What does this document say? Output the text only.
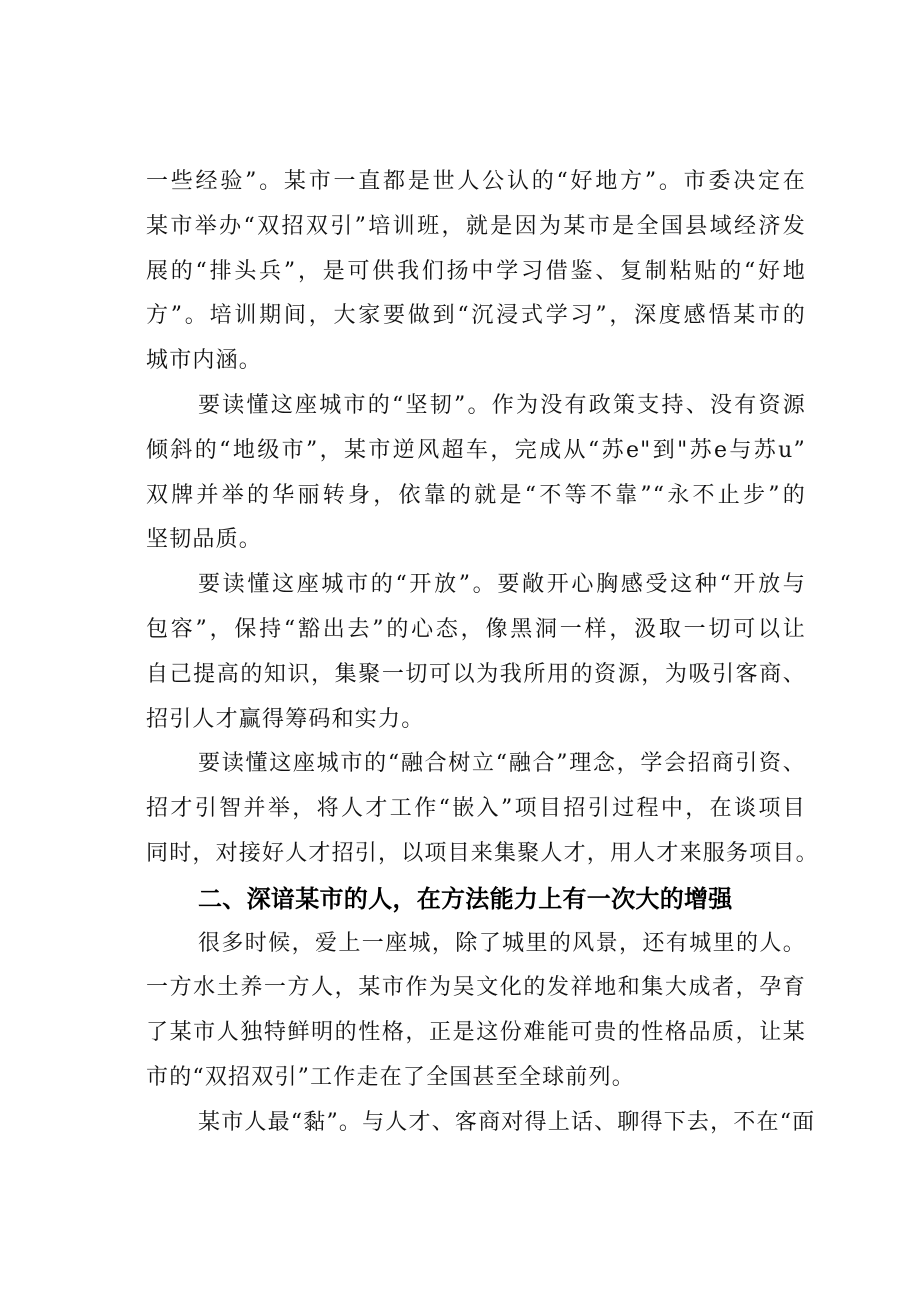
一些经验”。某市一直都是世人公认的“好地方”。市委决定在
某市举办“双招双引”培训班，就是因为某市是全国县域经济发
展的“排头兵”，是可供我们扬中学习借鉴、复制粘贴的“好地
方”。培训期间，大家要做到“沉浸式学习”，深度感悟某市的
城市内涵。
要读懂这座城市的“坚韧”。作为没有政策支持、没有资源
倾斜的“地级市”，某市逆风超车，完成从“苏e"到"苏e与苏u”
双牌并举的华丽转身，依靠的就是“不等不靠”“永不止步”的
坚韧品质。
要读懂这座城市的“开放”。要敞开心胸感受这种“开放与
包容”，保持“豁出去”的心态，像黑洞一样，汲取一切可以让
自己提高的知识，集聚一切可以为我所用的资源，为吸引客商、
招引人才赢得筹码和实力。
要读懂这座城市的“融合树立“融合”理念，学会招商引资、
招才引智并举，将人才工作“嵌入”项目招引过程中，在谈项目
同时，对接好人才招引，以项目来集聚人才，用人才来服务项目。
二、深谙某市的人，在方法能力上有一次大的增强
很多时候，爱上一座城，除了城里的风景，还有城里的人。
一方水土养一方人，某市作为吴文化的发祥地和集大成者，孕育
了某市人独特鲜明的性格，正是这份难能可贵的性格品质，让某
市的“双招双引”工作走在了全国甚至全球前列。
某市人最“黏”。与人才、客商对得上话、聊得下去，不在“面
